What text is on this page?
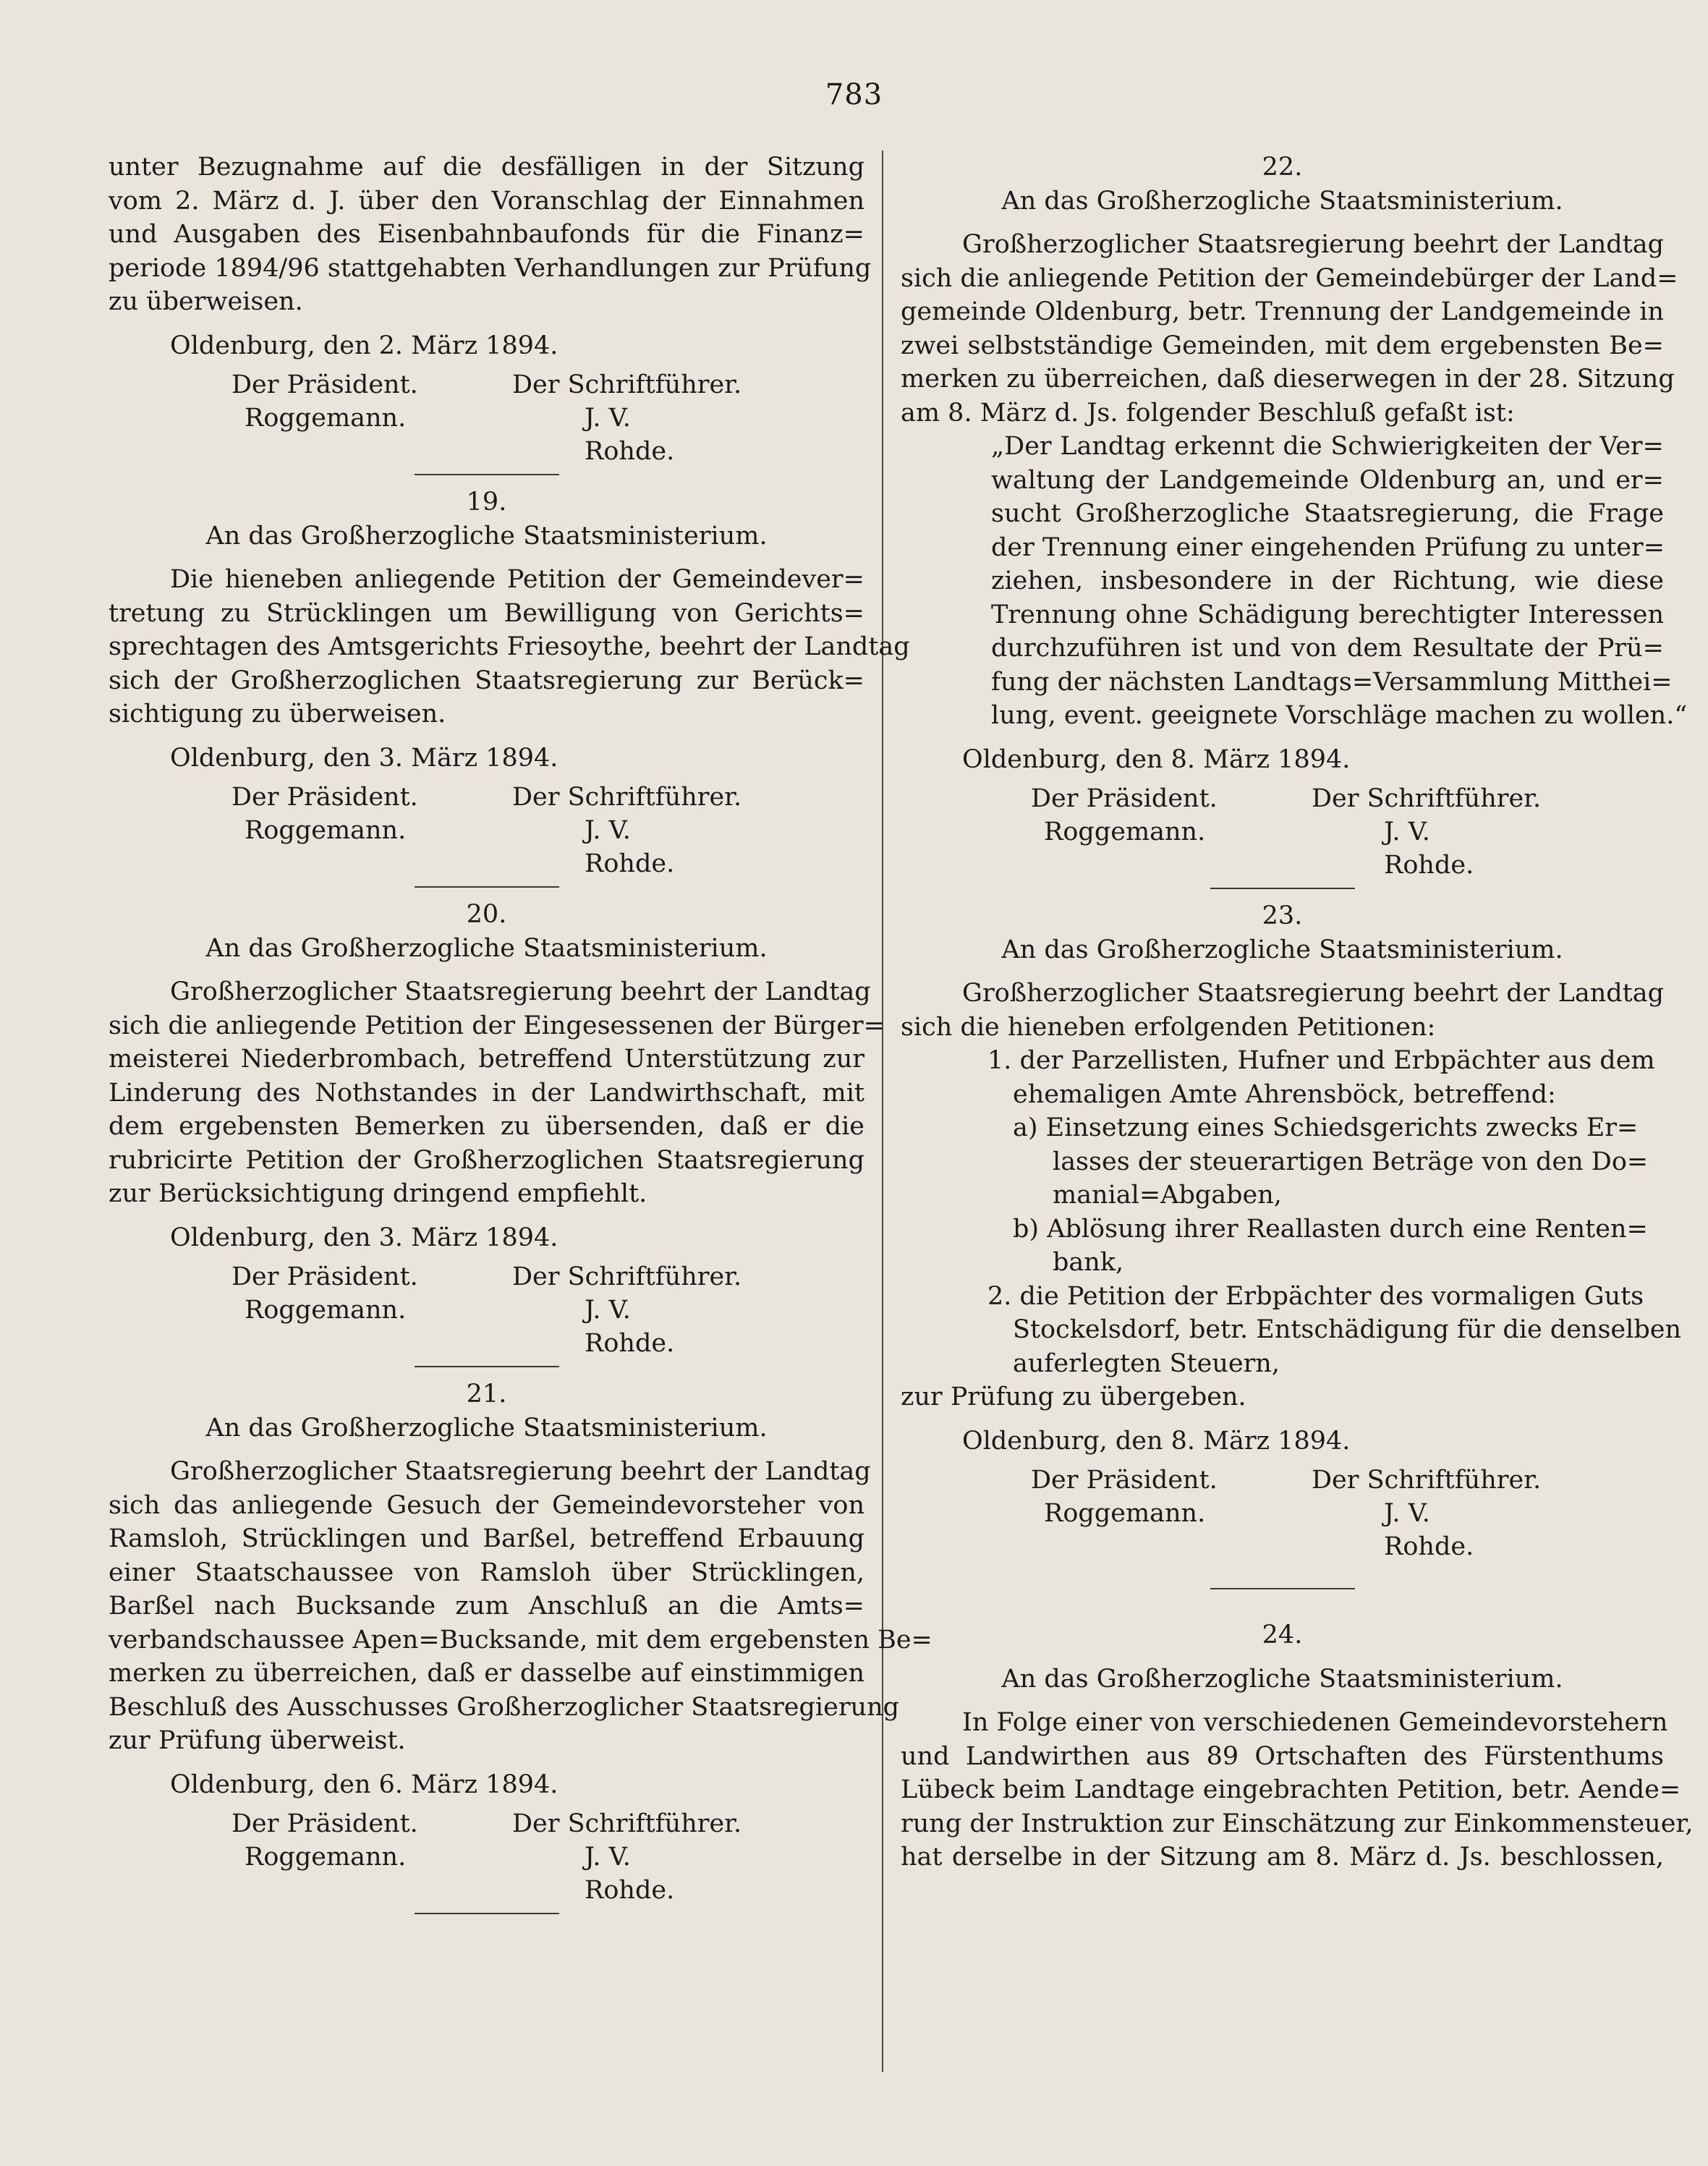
783

unter Bezugnahme auf die desfälligen in der Sitzung

vom 2. März d. J. über den Voranschlag der Einnahmen

und Ausgaben des Eisenbahnbaufonds für die Finanz=

periode 1894/96 stattgehabten Verhandlungen zur Prüfung

zu überweisen.

Oldenburg, den 2. März 1894.

Der Präsident.	Der Schriftführer.
Roggemann.	J. V.
Rohde.

19.

An das Großherzogliche Staatsministerium.

Die hieneben anliegende Petition der Gemeindever=

tretung zu Strücklingen um Bewilligung von Gerichts=

sprechtagen des Amtsgerichts Friesoythe, beehrt der Landtag

sich der Großherzoglichen Staatsregierung zur Berück=

sichtigung zu überweisen.

Oldenburg, den 3. März 1894.

Der Präsident.	Der Schriftführer.
Roggemann.	J. V.
Rohde.

20.

An das Großherzogliche Staatsministerium.

Großherzoglicher Staatsregierung beehrt der Landtag

sich die anliegende Petition der Eingesessenen der Bürger=

meisterei Niederbrombach, betreffend Unterstützung zur

Linderung des Nothstandes in der Landwirthschaft, mit

dem ergebensten Bemerken zu übersenden, daß er die

rubricirte Petition der Großherzoglichen Staatsregierung

zur Berücksichtigung dringend empfiehlt.

Oldenburg, den 3. März 1894.

Der Präsident.	Der Schriftführer.
Roggemann.	J. V.
Rohde.

21.

An das Großherzogliche Staatsministerium.

Großherzoglicher Staatsregierung beehrt der Landtag

sich das anliegende Gesuch der Gemeindevorsteher von

Ramsloh, Strücklingen und Barßel, betreffend Erbauung

einer Staatschaussee von Ramsloh über Strücklingen,

Barßel nach Bucksande zum Anschluß an die Amts=

verbandschaussee Apen=Bucksande, mit dem ergebensten Be=

merken zu überreichen, daß er dasselbe auf einstimmigen

Beschluß des Ausschusses Großherzoglicher Staatsregierung

zur Prüfung überweist.

Oldenburg, den 6. März 1894.

Der Präsident.	Der Schriftführer.
Roggemann.	J. V.
Rohde.

22.

An das Großherzogliche Staatsministerium.

Großherzoglicher Staatsregierung beehrt der Landtag

sich die anliegende Petition der Gemeindebürger der Land=

gemeinde Oldenburg, betr. Trennung der Landgemeinde in

zwei selbstständige Gemeinden, mit dem ergebensten Be=

merken zu überreichen, daß dieserwegen in der 28. Sitzung

am 8. März d. Js. folgender Beschluß gefaßt ist:

„Der Landtag erkennt die Schwierigkeiten der Ver=

waltung der Landgemeinde Oldenburg an, und er=

sucht Großherzogliche Staatsregierung, die Frage

der Trennung einer eingehenden Prüfung zu unter=

ziehen, insbesondere in der Richtung, wie diese

Trennung ohne Schädigung berechtigter Interessen

durchzuführen ist und von dem Resultate der Prü=

fung der nächsten Landtags=Versammlung Mitthei=

lung, event. geeignete Vorschläge machen zu wollen.“

Oldenburg, den 8. März 1894.

Der Präsident.	Der Schriftführer.
Roggemann.	J. V.
Rohde.

23.

An das Großherzogliche Staatsministerium.

Großherzoglicher Staatsregierung beehrt der Landtag

sich die hieneben erfolgenden Petitionen:

1. der Parzellisten, Hufner und Erbpächter aus dem

ehemaligen Amte Ahrensböck, betreffend:

a) Einsetzung eines Schiedsgerichts zwecks Er=

lasses der steuerartigen Beträge von den Do=

manial=Abgaben,

b) Ablösung ihrer Reallasten durch eine Renten=

bank,

2. die Petition der Erbpächter des vormaligen Guts

Stockelsdorf, betr. Entschädigung für die denselben

auferlegten Steuern,

zur Prüfung zu übergeben.

Oldenburg, den 8. März 1894.

Der Präsident.	Der Schriftführer.
Roggemann.	J. V.
Rohde.

24.

An das Großherzogliche Staatsministerium.

In Folge einer von verschiedenen Gemeindevorstehern

und Landwirthen aus 89 Ortschaften des Fürstenthums

Lübeck beim Landtage eingebrachten Petition, betr. Aende=

rung der Instruktion zur Einschätzung zur Einkommensteuer,

hat derselbe in der Sitzung am 8. März d. Js. beschlossen,
